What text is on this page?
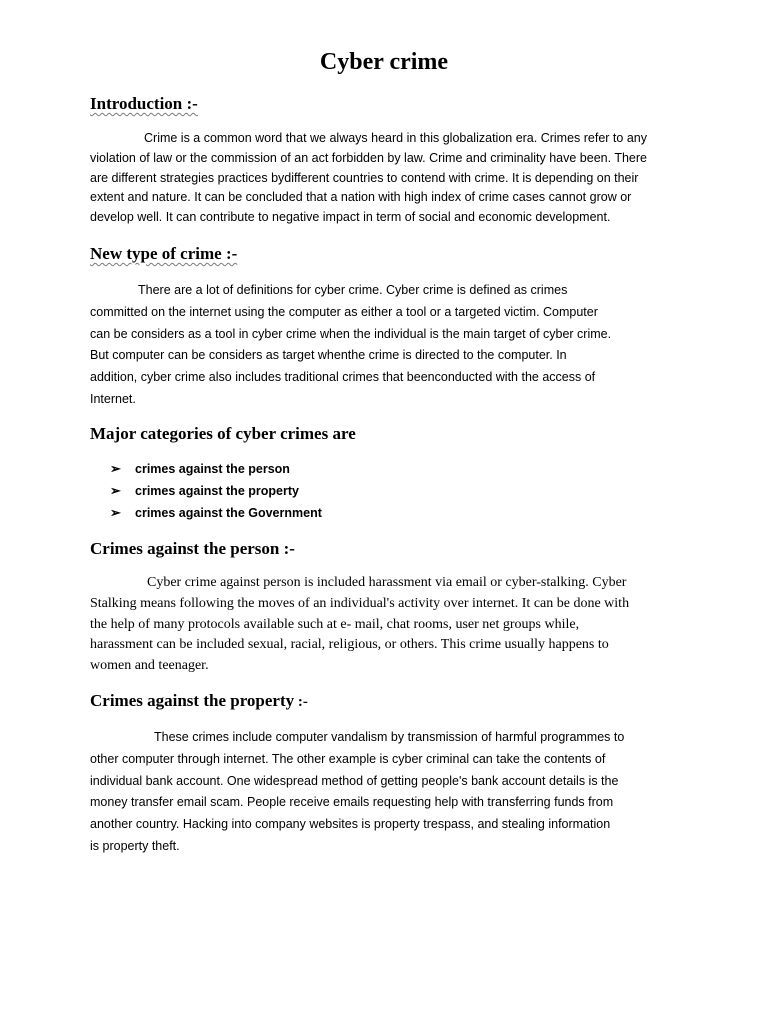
Cyber crime
Introduction :-

Crime is a common word that we always heard in this globalization era. Crimes refer to any
violation of law or the commission of an act forbidden by law. Crime and criminality have been. There
are different strategies practices bydifferent countries to contend with crime. It is depending on their
extent and nature. It can be concluded that a nation with high index of crime cases cannot grow or
develop well. It can contribute to negative impact in term of social and economic development.

New type of crime :-

There are a lot of definitions for cyber crime. Cyber crime is defined as crimes
committed on the internet using the computer as either a tool or a targeted victim. Computer
can be considers as a tool in cyber crime when the individual is the main target of cyber crime.
But computer can be considers as target whenthe crime is directed to the computer. In
addition, cyber crime also includes traditional crimes that beenconducted with the access of
Internet.

Major categories of cyber crimes are
➢ crimes against the person
➢ crimes against the property
➢ crimes against the Government
Crimes against the person :-

Cyber crime against person is included harassment via email or cyber-stalking. Cyber
Stalking means following the moves of an individual's activity over internet. It can be done with
the help of many protocols available such at e- mail, chat rooms, user net groups while,
harassment can be included sexual, racial, religious, or others. This crime usually happens to
women and teenager.

Crimes against the property :-

These crimes include computer vandalism by transmission of harmful programmes to
other computer through internet. The other example is cyber criminal can take the contents of
individual bank account. One widespread method of getting people's bank account details is the
money transfer email scam. People receive emails requesting help with transferring funds from
another country. Hacking into company websites is property trespass, and stealing information
is property theft.
